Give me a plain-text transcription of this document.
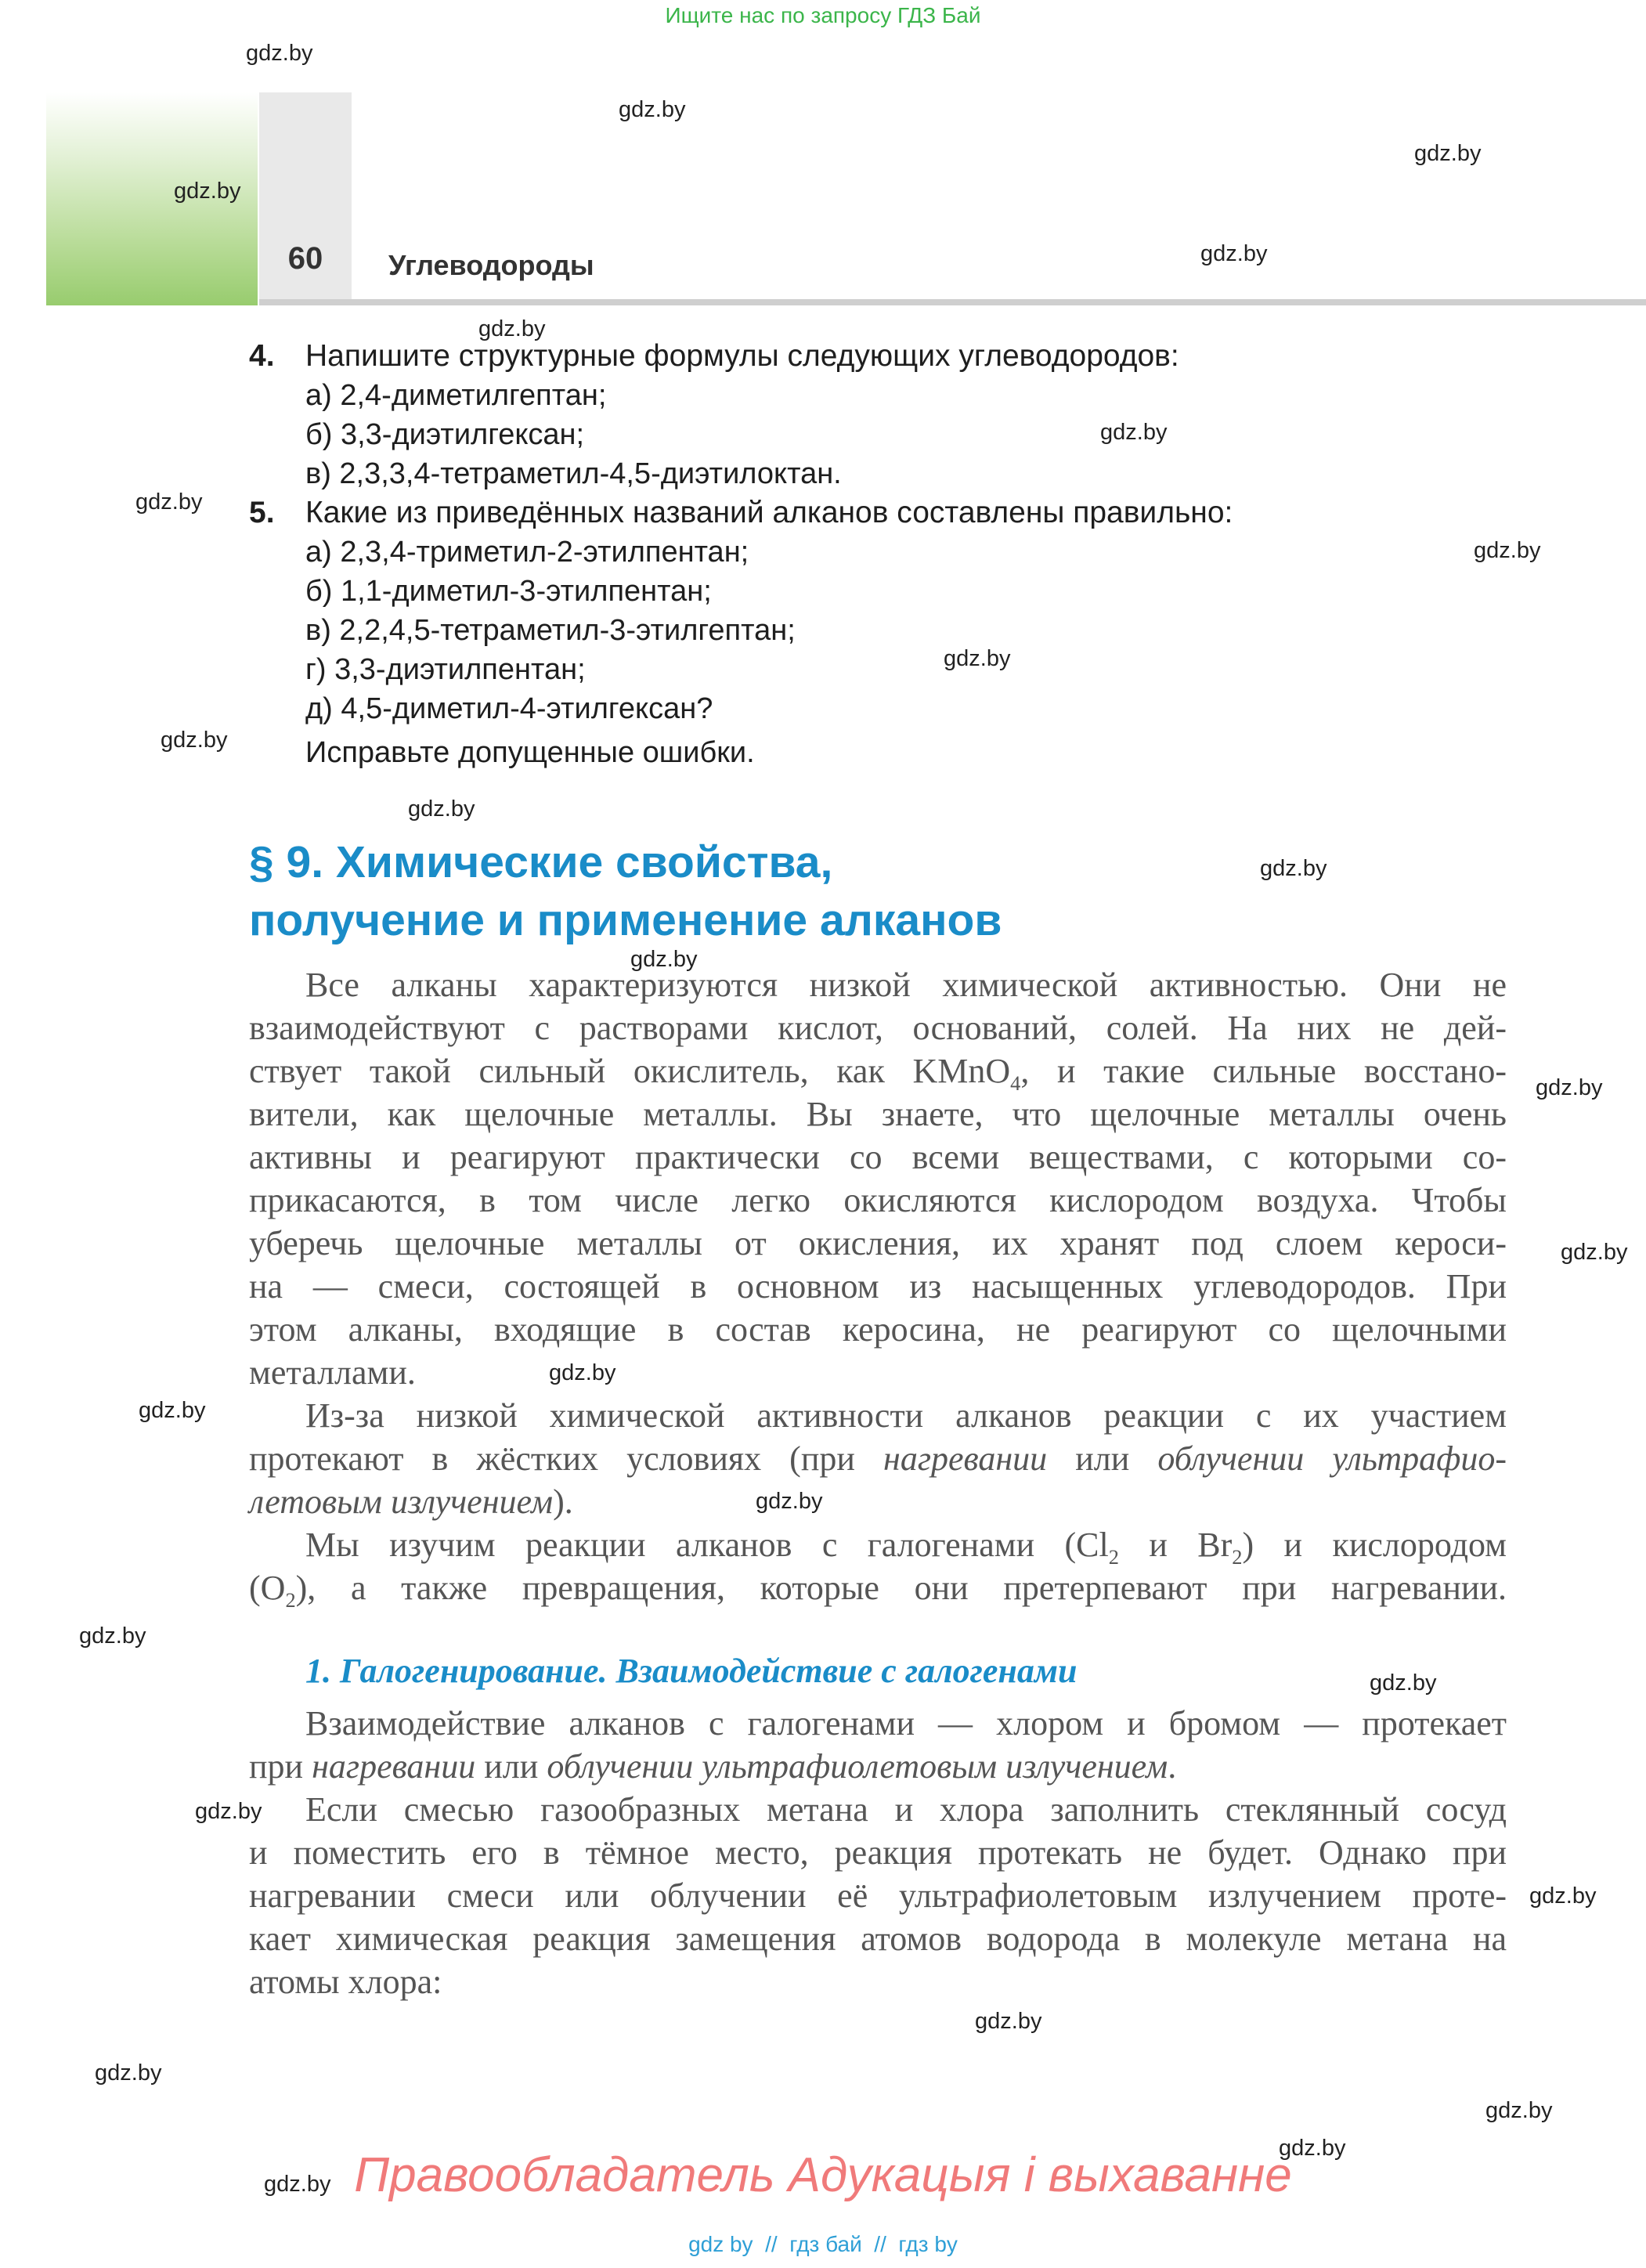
Ищите нас по запросу ГДЗ Бай
60	Углеводороды
4. Напишите структурные формулы следующих углеводородов:
а) 2,4-диметилгептан;
б) 3,3-диэтилгексан;
в) 2,3,3,4-тетраметил-4,5-диэтилоктан.
5. Какие из приведённых названий алканов составлены правильно:
а) 2,3,4-триметил-2-этилпентан;
б) 1,1-диметил-3-этилпентан;
в) 2,2,4,5-тетраметил-3-этилгептан;
г) 3,3-диэтилпентан;
д) 4,5-диметил-4-этилгексан?
Исправьте допущенные ошибки.
§ 9. Химические свойства,
получение и применение алканов
Все алканы характеризуются низкой химической активностью. Они не
взаимодействуют с растворами кислот, оснований, солей. На них не дей-
ствует такой сильный окислитель, как KMnO$_4$, и такие сильные восстано-
вители, как щелочные металлы. Вы знаете, что щелочные металлы очень
активны и реагируют практически со всеми веществами, с которыми со-
прикасаются, в том числе легко окисляются кислородом воздуха. Чтобы
уберечь щелочные металлы от окисления, их хранят под слоем кероси-
на — смеси, состоящей в основном из насыщенных углеводородов. При
этом алканы, входящие в состав керосина, не реагируют со щелочными
металлами.
Из-за низкой химической активности алканов реакции с их участием
протекают в жёстких условиях (при нагревании или облучении ультрафио-
летовым излучением).
Мы изучим реакции алканов с галогенами ($Cl_2$ и $Br_2$) и кислородом
$(O_2)$, а также превращения, которые они претерпевают при нагревании.
1. Галогенирование. Взаимодействие с галогенами
Взаимодействие алканов с галогенами — хлором и бромом — протекает
при нагревании или облучении ультрафиолетовым излучением.
Если смесью газообразных метана и хлора заполнить стеклянный сосуд
и поместить его в тёмное место, реакция протекать не будет. Однако при
нагревании смеси или облучении её ультрафиолетовым излучением проте-
кает химическая реакция замещения атомов водорода в молекуле метана на
атомы хлора:
gdz.by
gdz.by
gdz.by
gdz.by
gdz.by
gdz.by
gdz.by
gdz.by
gdz.by
gdz.by
gdz.by
gdz.by
gdz.by
gdz.by
gdz.by
gdz.by
gdz.by
gdz.by
gdz.by
gdz.by
gdz.by
gdz.by
gdz.by
gdz.by
gdz.by
gdz.by
gdz.by
gdz.by Правообладатель Адукацыя і выхаванне
gdz by  //  гдз бай  //  гдз by
